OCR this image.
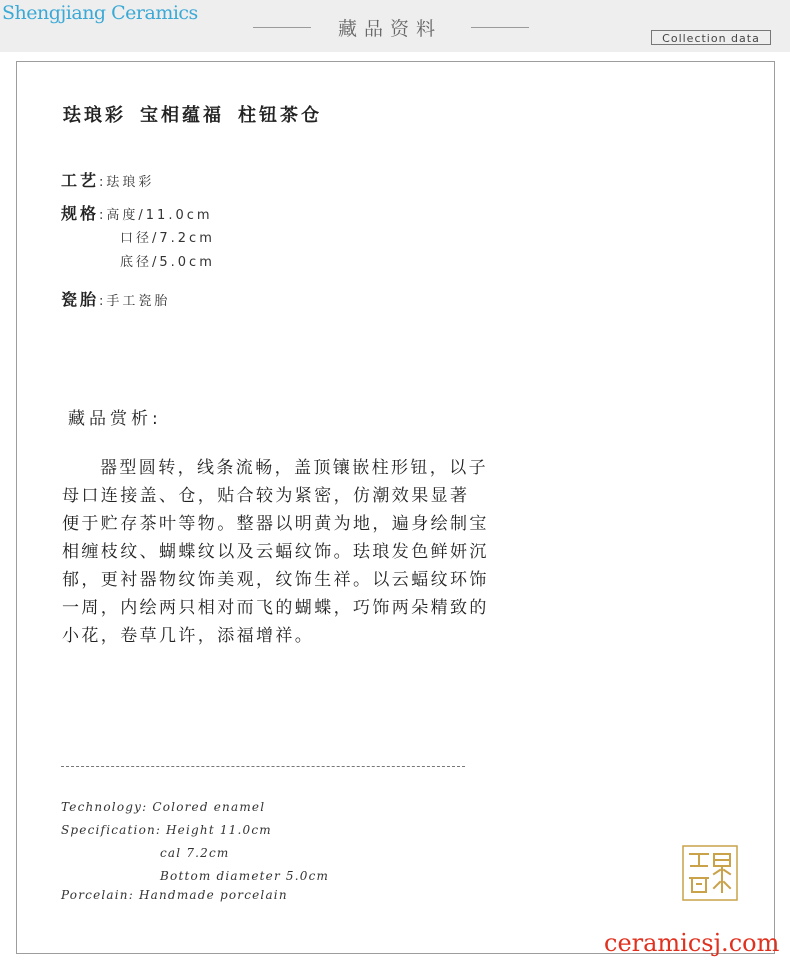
Shengjiang Ceramics
藏品资料	Collection data
珐琅彩 宝相蕴福 柱钮茶仓
工艺:珐琅彩
规格:高度/11.0cm
口径/7.2cm
底径/5.0cm
瓷胎:手工瓷胎
藏品赏析:
器型圆转，线条流畅，盖顶镶嵌柱形钮，以子
母口连接盖、仓，贴合较为紧密，仿潮效果显著
便于贮存茶叶等物。整器以明黄为地，遍身绘制宝
相缠枝纹、蝴蝶纹以及云蝠纹饰。珐琅发色鲜妍沉
郁，更衬器物纹饰美观，纹饰生祥。以云蝠纹环饰
一周，内绘两只相对而飞的蝴蝶，巧饰两朵精致的
小花，卷草几许，添福增祥。
Technology: Colored enamel
Specification: Height 11.0cm
cal 7.2cm
Bottom diameter 5.0cm
Porcelain: Handmade porcelain
ceramicsj.com
